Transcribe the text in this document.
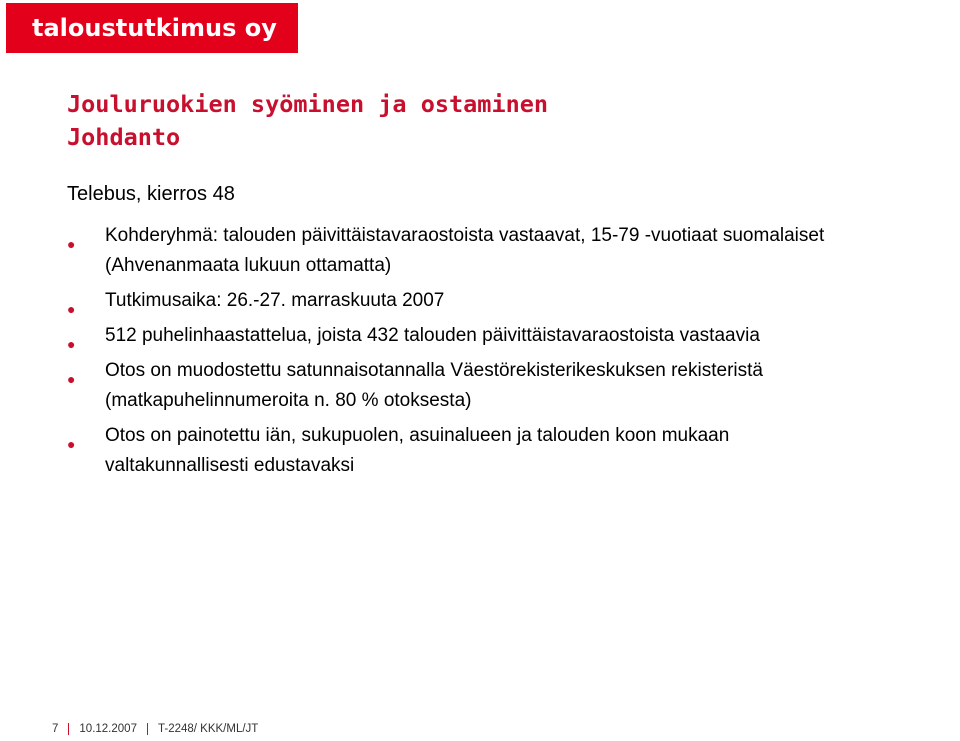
taloustutkimus oy
Jouluruokien syöminen ja ostaminen
Johdanto
Telebus, kierros 48
● Kohderyhmä: talouden päivittäistavaraostoista vastaavat, 15-79 -vuotiaat suomalaiset
(Ahvenanmaata lukuun ottamatta)
● Tutkimusaika: 26.-27. marraskuuta 2007
● 512 puhelinhaastattelua, joista 432 talouden päivittäistavaraostoista vastaavia
● Otos on muodostettu satunnaisotannalla Väestörekisterikeskuksen rekisteristä
(matkapuhelinnumeroita n. 80 % otoksesta)
● Otos on painotettu iän, sukupuolen, asuinalueen ja talouden koon mukaan
valtakunnallisesti edustavaksi
7 10.12.2007 T-2248/ KKK/ML/JT
